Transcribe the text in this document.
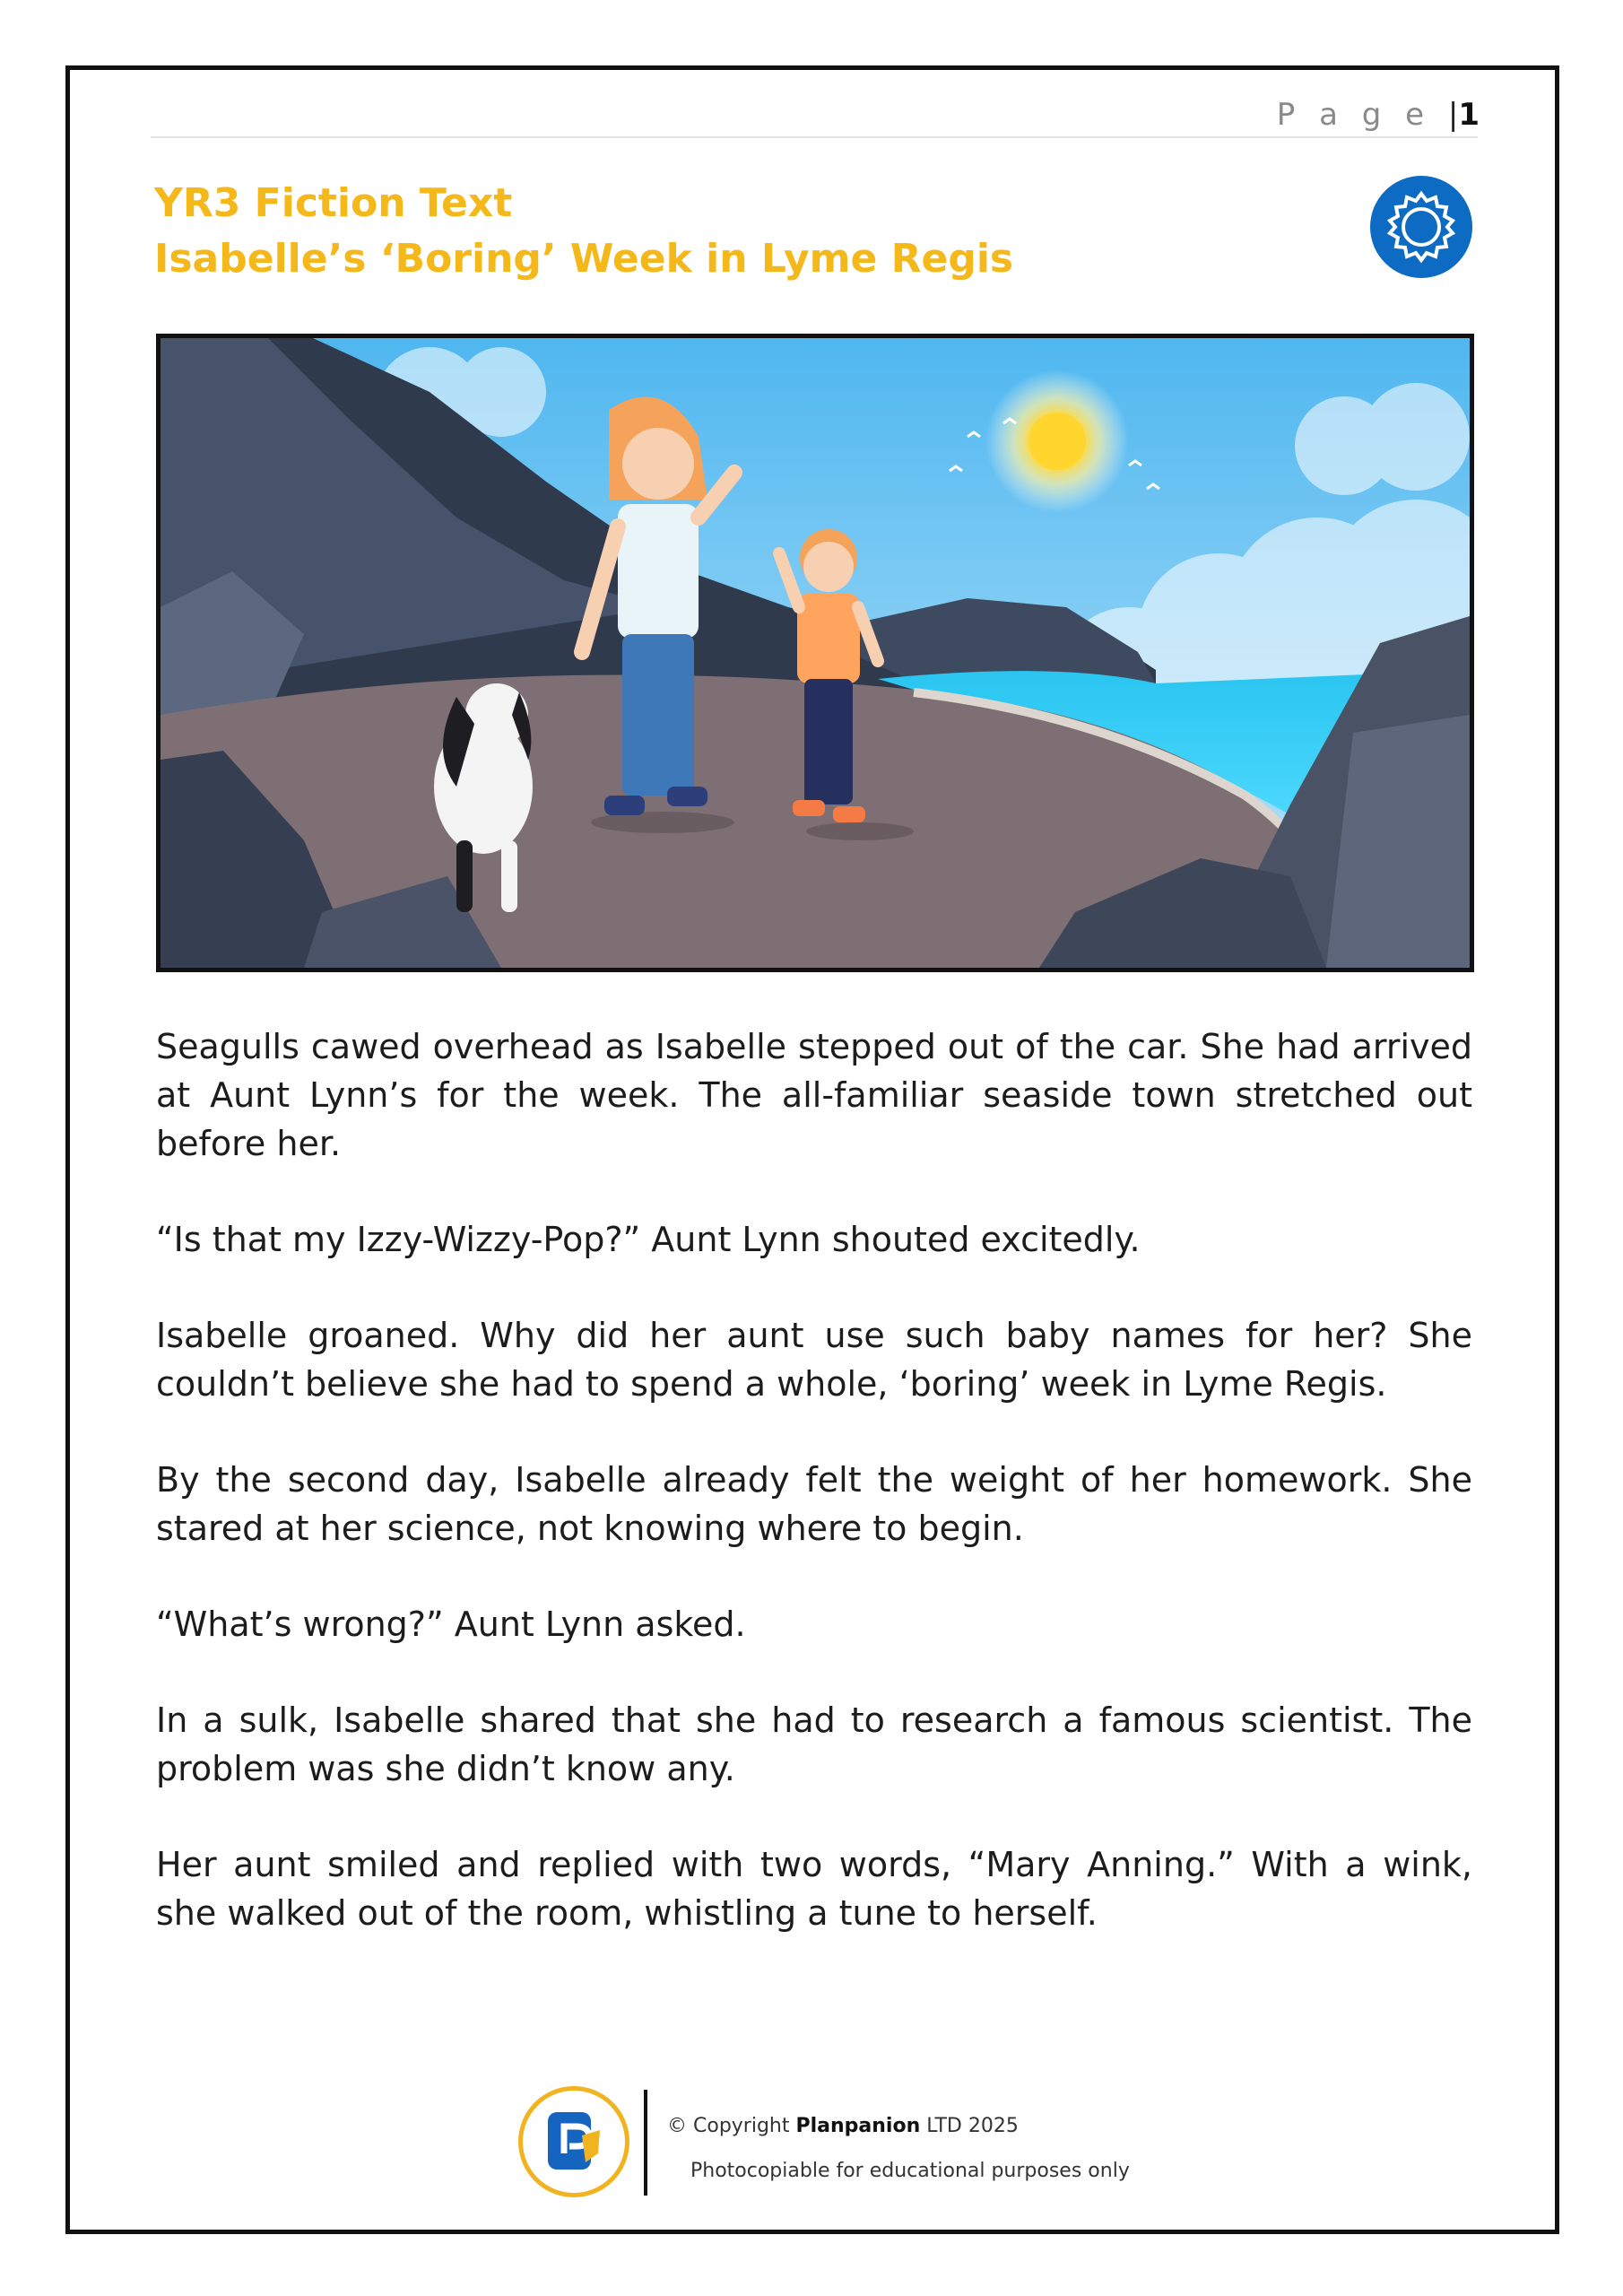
P a g e |1
YR3 Fiction Text
Isabelle’s ‘Boring’ Week in Lyme Regis

Seagulls cawed overhead as Isabelle stepped out of the car. She had arrived at Aunt Lynn’s for the week. The all-familiar seaside town stretched out before her.

“Is that my Izzy-Wizzy-Pop?” Aunt Lynn shouted excitedly.

Isabelle groaned. Why did her aunt use such baby names for her? She couldn’t believe she had to spend a whole, ‘boring’ week in Lyme Regis.

By the second day, Isabelle already felt the weight of her homework. She stared at her science, not knowing where to begin.

“What’s wrong?” Aunt Lynn asked.

In a sulk, Isabelle shared that she had to research a famous scientist. The problem was she didn’t know any.

Her aunt smiled and replied with two words, “Mary Anning.” With a wink, she walked out of the room, whistling a tune to herself.

© Copyright Planpanion LTD 2025
Photocopiable for educational purposes only
